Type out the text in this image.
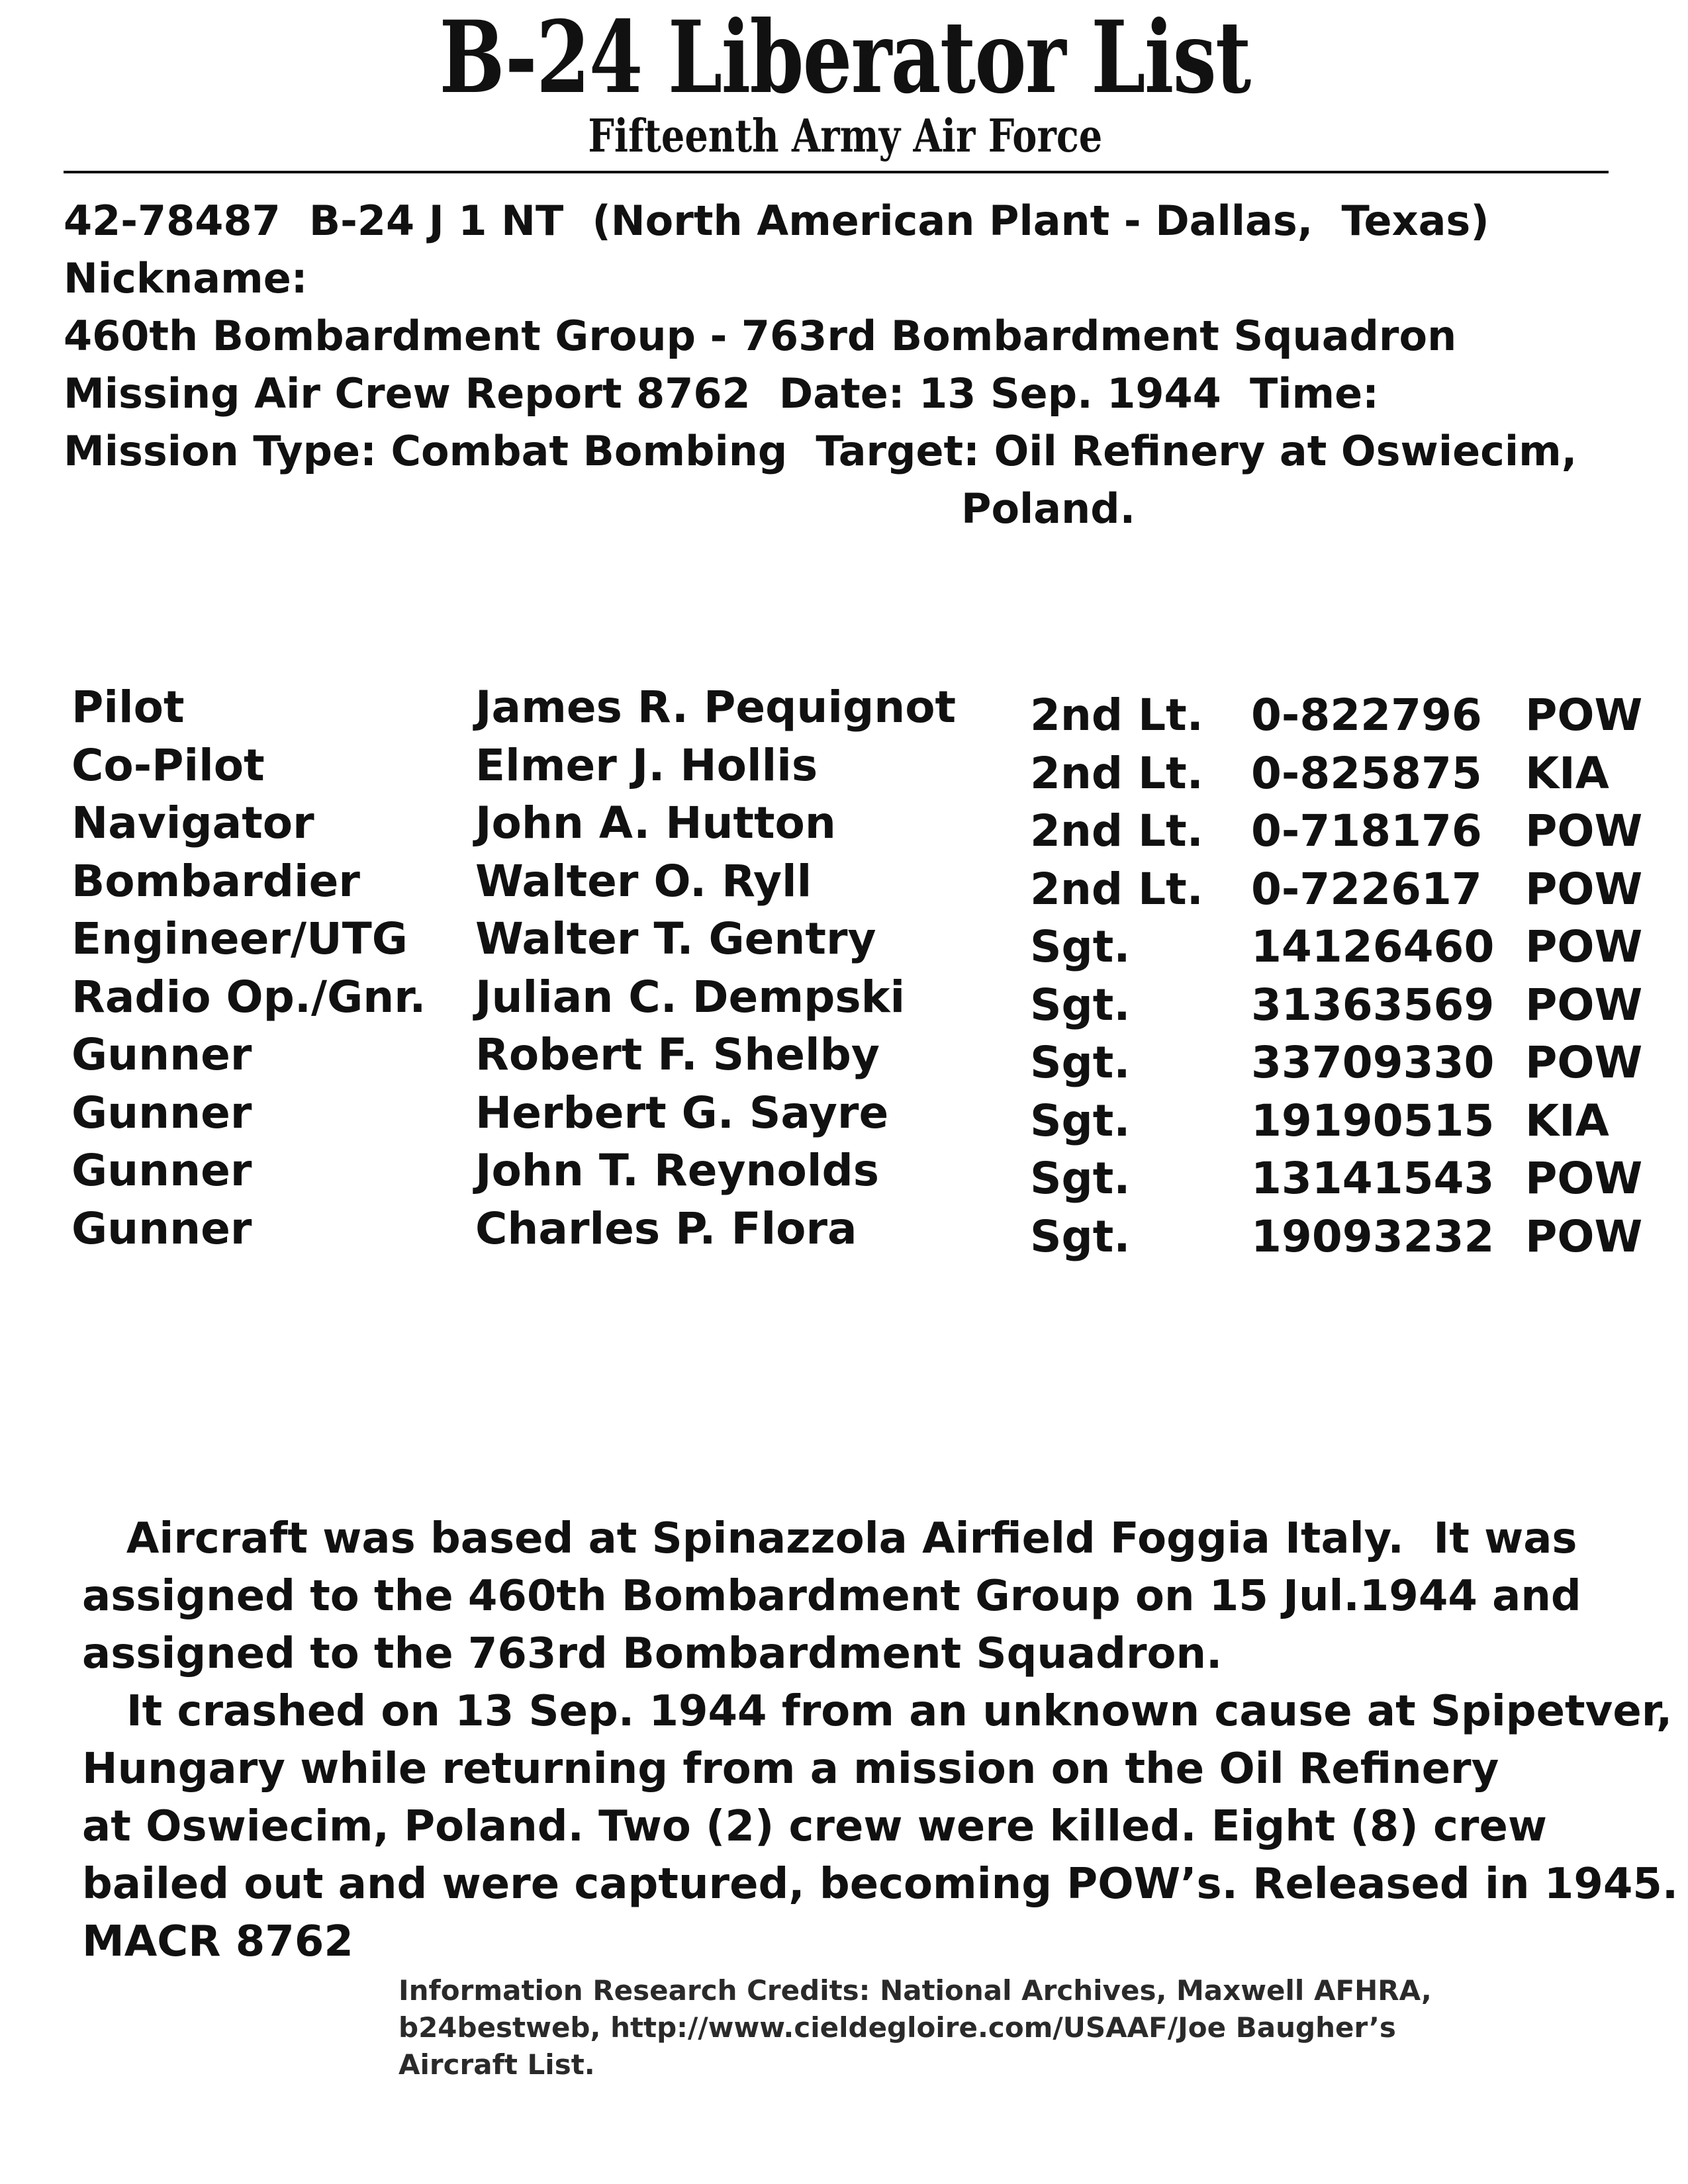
B-24 Liberator List
Fifteenth Army Air Force
42-78487  B-24 J 1 NT  (North American Plant - Dallas,  Texas)
Nickname:
460th Bombardment Group - 763rd Bombardment Squadron
Missing Air Crew Report 8762  Date: 13 Sep. 1944  Time:
Mission Type: Combat Bombing  Target: Oil Refinery at Oswiecim,
Poland.
Pilot	James R. Pequignot 2nd Lt. 0-822796 POW
Co-Pilot	Elmer J. Hollis	2nd Lt. 0-825875 KIA
Navigator	John A. Hutton	2nd Lt. 0-718176 POW
Bombardier	Walter O. Ryll	2nd Lt. 0-722617 POW
Engineer/UTG Walter T. Gentry	Sgt.	14126460 POW
Radio Op./Gnr. Julian C. Dempski	Sgt.	31363569 POW
Gunner	Robert F. Shelby	Sgt.	33709330 POW
Gunner	Herbert G. Sayre	Sgt.	19190515 KIA
Gunner	John T. Reynolds	Sgt.	13141543 POW
Gunner	Charles P. Flora	Sgt.	19093232 POW
Aircraft was based at Spinazzola Airfield Foggia Italy.  It was
assigned to the 460th Bombardment Group on 15 Jul.1944 and
assigned to the 763rd Bombardment Squadron.
It crashed on 13 Sep. 1944 from an unknown cause at Spipetver,
Hungary while returning from a mission on the Oil Refinery
at Oswiecim, Poland. Two (2) crew were killed. Eight (8) crew
bailed out and were captured, becoming POW’s. Released in 1945.
MACR 8762
Information Research Credits: National Archives, Maxwell AFHRA,
b24bestweb, http://www.cieldegloire.com/USAAF/Joe Baugher’s
Aircraft List.
